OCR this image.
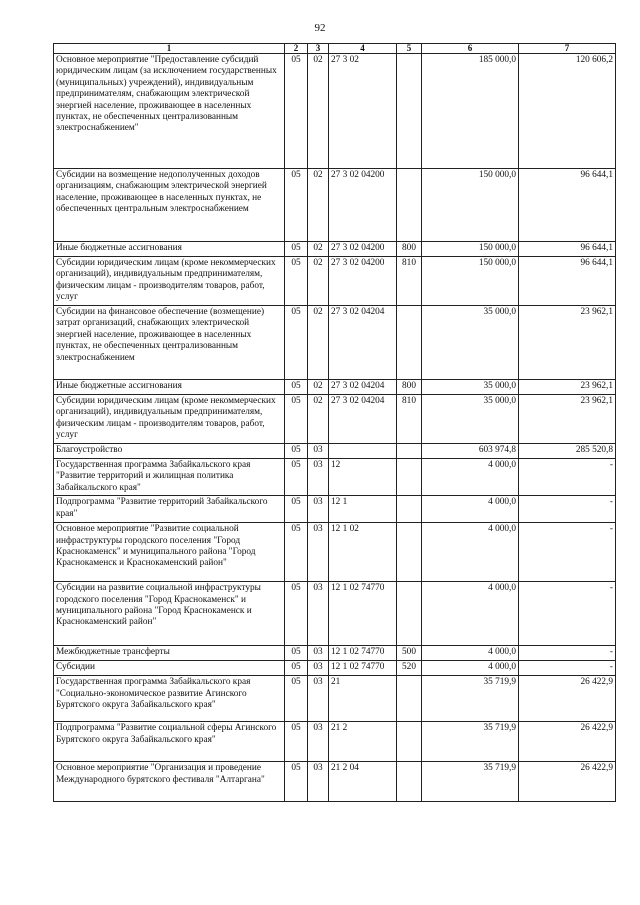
92
1	2	3	4	5	6	7
Основное мероприятие "Предоставление субсидий юридическим лицам (за исключением государственных (муниципальных) учреждений), индивидуальным предпринимателям, снабжающим электрической энергией население, проживающее в населенных пунктах, не обеспеченных централизованным электроснабжением"	05	02	27 3 02		185 000,0	120 606,2
Субсидии на возмещение недополученных доходов организациям, снабжающим электрической энергией население, проживающее в населенных пунктах, не обеспеченных центральным электроснабжением	05	02	27 3 02 04200		150 000,0	96 644,1
Иные бюджетные ассигнования	05	02	27 3 02 04200	800	150 000,0	96 644,1
Субсидии юридическим лицам (кроме некоммерческих организаций), индивидуальным предпринимателям, физическим лицам - производителям товаров, работ, услуг	05	02	27 3 02 04200	810	150 000,0	96 644,1
Субсидии на финансовое обеспечение (возмещение) затрат организаций, снабжающих электрической энергией население, проживающее в населенных пунктах, не обеспеченных централизованным электроснабжением	05	02	27 3 02 04204		35 000,0	23 962,1
Иные бюджетные ассигнования	05	02	27 3 02 04204	800	35 000,0	23 962,1
Субсидии юридическим лицам (кроме некоммерческих организаций), индивидуальным предпринимателям, физическим лицам - производителям товаров, работ, услуг	05	02	27 3 02 04204	810	35 000,0	23 962,1
Благоустройство	05	03			603 974,8	285 520,8
Государственная программа Забайкальского края "Развитие территорий и жилищная политика Забайкальского края"	05	03	12		4 000,0	-
Подпрограмма "Развитие территорий Забайкальского края"	05	03	12 1		4 000,0	-
Основное мероприятие "Развитие социальной инфраструктуры городского поселения "Город Краснокаменск" и муниципального района "Город Краснокаменск и Краснокаменский район"	05	03	12 1 02		4 000,0	-
Субсидии на развитие социальной инфраструктуры городского поселения "Город Краснокаменск" и муниципального района "Город Краснокаменск и Краснокаменский район"	05	03	12 1 02 74770		4 000,0	-
Межбюджетные трансферты	05	03	12 1 02 74770	500	4 000,0	-
Субсидии	05	03	12 1 02 74770	520	4 000,0	-
Государственная программа Забайкальского края "Социально-экономическое развитие Агинского Бурятского округа Забайкальского края"	05	03	21		35 719,9	26 422,9
Подпрограмма "Развитие социальной сферы Агинского Бурятского округа Забайкальского края"	05	03	21 2		35 719,9	26 422,9
Основное мероприятие "Организация и проведение Международного бурятского фестиваля "Алтаргана"	05	03	21 2 04		35 719,9	26 422,9
